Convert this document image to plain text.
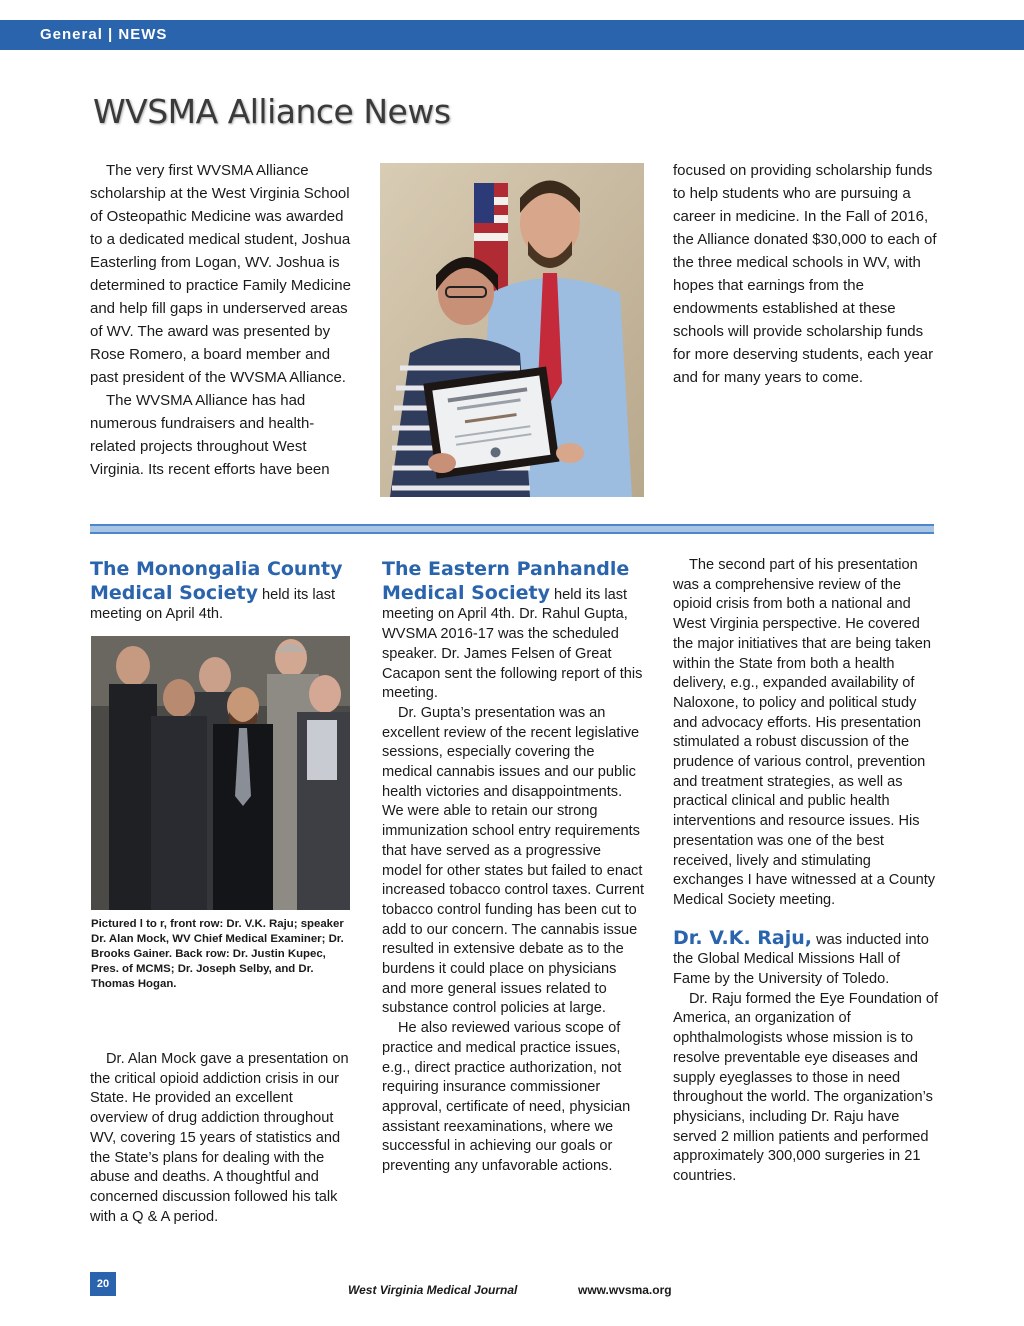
General | NEWS
WVSMA Alliance News

The very first WVSMA Alliance scholarship at the West Virginia School of Osteopathic Medicine was awarded to a dedicated medical student, Joshua Easterling from Logan, WV. Joshua is determined to practice Family Medicine and help fill gaps in underserved areas of WV. The award was presented by Rose Romero, a board member and past president of the WVSMA Alliance.

The WVSMA Alliance has had numerous fundraisers and health-related projects throughout West Virginia. Its recent efforts have been

focused on providing scholarship funds to help students who are pursuing a career in medicine. In the Fall of 2016, the Alliance donated $30,000 to each of the three medical schools in WV, with hopes that earnings from the endowments established at these schools will provide scholarship funds for more deserving students, each year and for many years to come.

The Monongalia County Medical Society held its last meeting on April 4th.

Pictured l to r, front row: Dr. V.K. Raju; speaker Dr. Alan Mock, WV Chief Medical Examiner; Dr. Brooks Gainer. Back row: Dr. Justin Kupec, Pres. of MCMS; Dr. Joseph Selby, and Dr. Thomas Hogan.

Dr. Alan Mock gave a presentation on the critical opioid addiction crisis in our State. He provided an excellent overview of drug addiction throughout WV, covering 15 years of statistics and the State’s plans for dealing with the abuse and deaths. A thoughtful and concerned discussion followed his talk with a Q & A period.

The Eastern Panhandle Medical Society held its last meeting on April 4th. Dr. Rahul Gupta, WVSMA 2016-17 was the scheduled speaker. Dr. James Felsen of Great Cacapon sent the following report of this meeting.

Dr. Gupta’s presentation was an excellent review of the recent legislative sessions, especially covering the medical cannabis issues and our public health victories and disappointments. We were able to retain our strong immunization school entry requirements that have served as a progressive model for other states but failed to enact increased tobacco control taxes. Current tobacco control funding has been cut to add to our concern. The cannabis issue resulted in extensive debate as to the burdens it could place on physicians and more general issues related to substance control policies at large.

He also reviewed various scope of practice and medical practice issues, e.g., direct practice authorization, not requiring insurance commissioner approval, certificate of need, physician assistant reexaminations, where we successful in achieving our goals or preventing any unfavorable actions.

The second part of his presentation was a comprehensive review of the opioid crisis from both a national and West Virginia perspective. He covered the major initiatives that are being taken within the State from both a health delivery, e.g., expanded availability of Naloxone, to policy and political study and advocacy efforts. His presentation stimulated a robust discussion of the prudence of various control, prevention and treatment strategies, as well as practical clinical and public health interventions and resource issues. His presentation was one of the best received, lively and stimulating exchanges I have witnessed at a County Medical Society meeting.

Dr. V.K. Raju, was inducted into the Global Medical Missions Hall of Fame by the University of Toledo.

Dr. Raju formed the Eye Foundation of America, an organization of ophthalmologists whose mission is to resolve preventable eye diseases and supply eyeglasses to those in need throughout the world. The organization’s physicians, including Dr. Raju have served 2 million patients and performed approximately 300,000 surgeries in 21 countries.

20	West Virginia Medical Journal	www.wvsma.org
